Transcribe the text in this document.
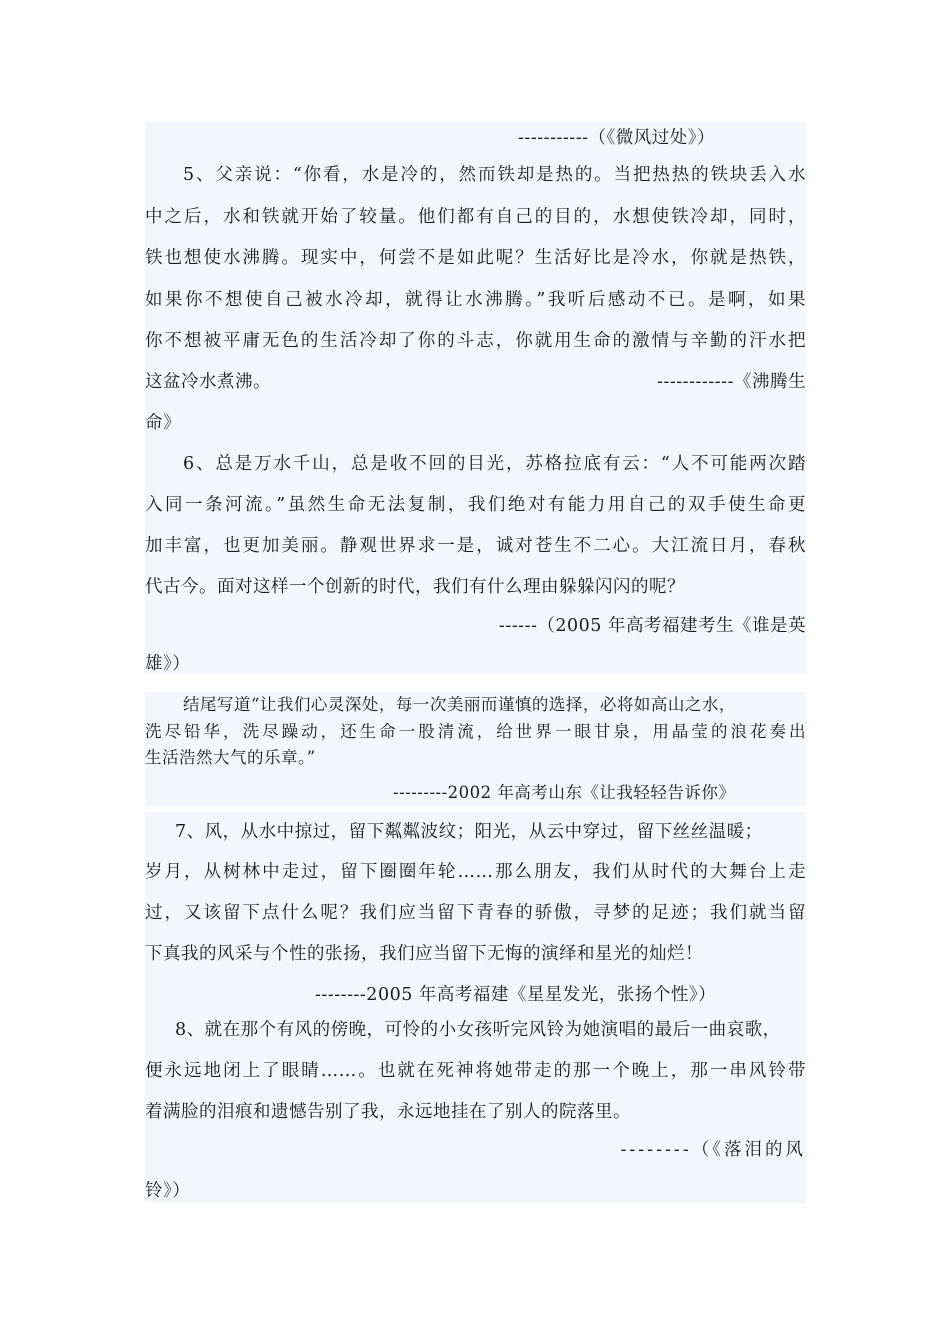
-----------（《微风过处》）
5、父亲说：“你看，水是冷的，然而铁却是热的。当把热热的铁块丢入水
中之后，水和铁就开始了较量。他们都有自己的目的，水想使铁冷却，同时，
铁也想使水沸腾。现实中，何尝不是如此呢？生活好比是冷水，你就是热铁，
如果你不想使自己被水冷却，就得让水沸腾。”我听后感动不已。是啊，如果
你不想被平庸无色的生活冷却了你的斗志，你就用生命的激情与辛勤的汗水把
这盆冷水煮沸。	------------《沸腾生
命》
6、总是万水千山，总是收不回的目光，苏格拉底有云：“人不可能两次踏
入同一条河流。”虽然生命无法复制，我们绝对有能力用自己的双手使生命更
加丰富，也更加美丽。静观世界求一是，诚对苍生不二心。大江流日月，春秋
代古今。面对这样一个创新的时代，我们有什么理由躲躲闪闪的呢？
------（2005 年高考福建考生《谁是英
雄》）
结尾写道“让我们心灵深处，每一次美丽而谨慎的选择，必将如高山之水，
洗尽铅华，洗尽躁动，还生命一股清流，给世界一眼甘泉，用晶莹的浪花奏出
生活浩然大气的乐章。”
---------2002 年高考山东《让我轻轻告诉你》
7、风，从水中掠过，留下粼粼波纹；阳光，从云中穿过，留下丝丝温暖；
岁月，从树林中走过，留下圈圈年轮……那么朋友，我们从时代的大舞台上走
过，又该留下点什么呢？我们应当留下青春的骄傲，寻梦的足迹；我们就当留
下真我的风采与个性的张扬，我们应当留下无悔的演绎和星光的灿烂！
--------2005 年高考福建《星星发光，张扬个性》）
8、就在那个有风的傍晚，可怜的小女孩听完风铃为她演唱的最后一曲哀歌，
便永远地闭上了眼睛……。也就在死神将她带走的那一个晚上，那一串风铃带
着满脸的泪痕和遗憾告别了我，永远地挂在了别人的院落里。
--------（《落泪的风
铃》）
